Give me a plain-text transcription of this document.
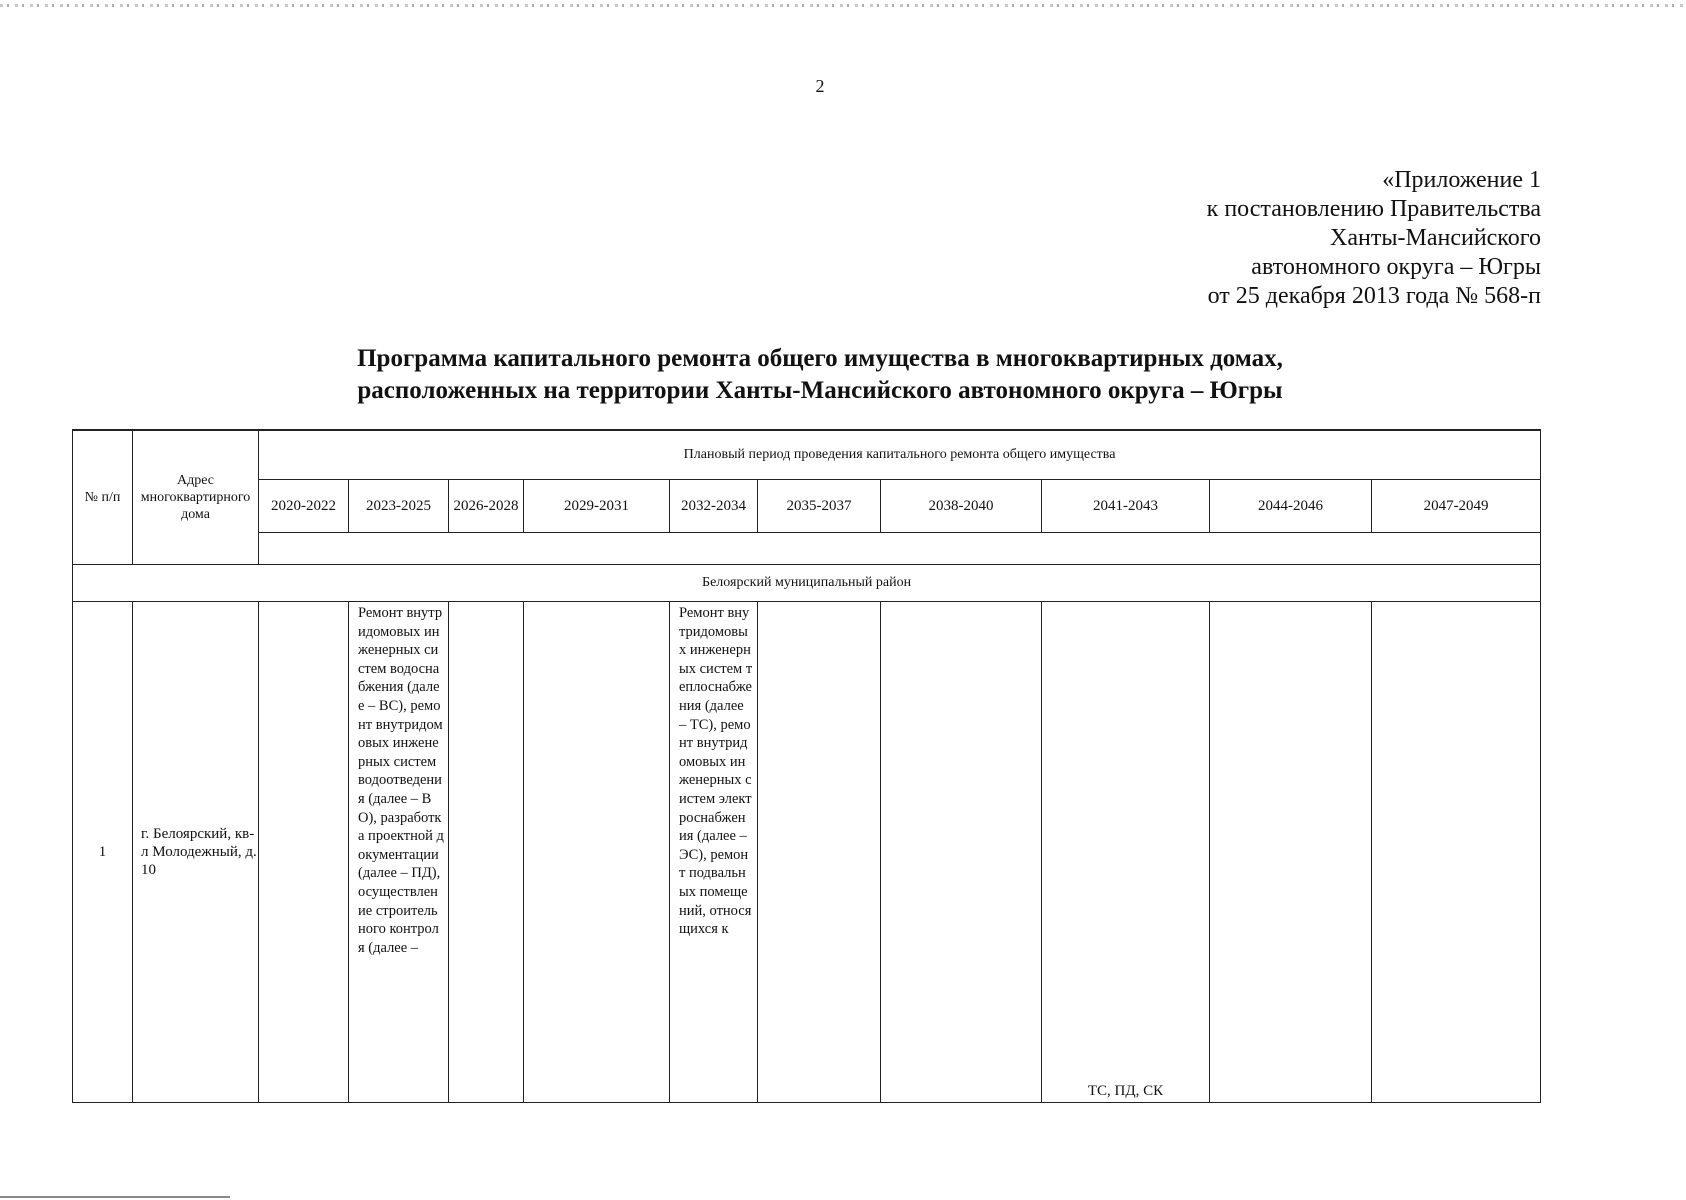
2
«Приложение 1
к постановлению Правительства
Ханты-Мансийского
автономного округа – Югры
от 25 декабря 2013 года № 568-п
Программа капитального ремонта общего имущества в многоквартирных домах,
расположенных на территории Ханты-Мансийского автономного округа – Югры
№ п/п	Адрес многоквартирного дома	Плановый период проведения капитального ремонта общего имущества									
		2020-2022	2023-2025	2026-2028	2029-2031	2032-2034	2035-2037	2038-2040	2041-2043	2044-2046	2047-2049

Белоярский муниципальный район											
1	г. Белоярский, кв-л Молодежный, д. 10		Ремонт внутридомовых инженерных систем водоснабжения (далее – ВС), ремонт внутридомовых инженерных систем водоотведения (далее – ВО), разработка проектной документации (далее – ПД), осуществление строительного контроля (далее –			Ремонт внутридомовых инженерных систем теплоснабжения (далее – ТС), ремонт внутридомовых инженерных систем электроснабжения (далее – ЭС), ремонт подвальных помещений, относящихся к			ТС, ПД, СК		
